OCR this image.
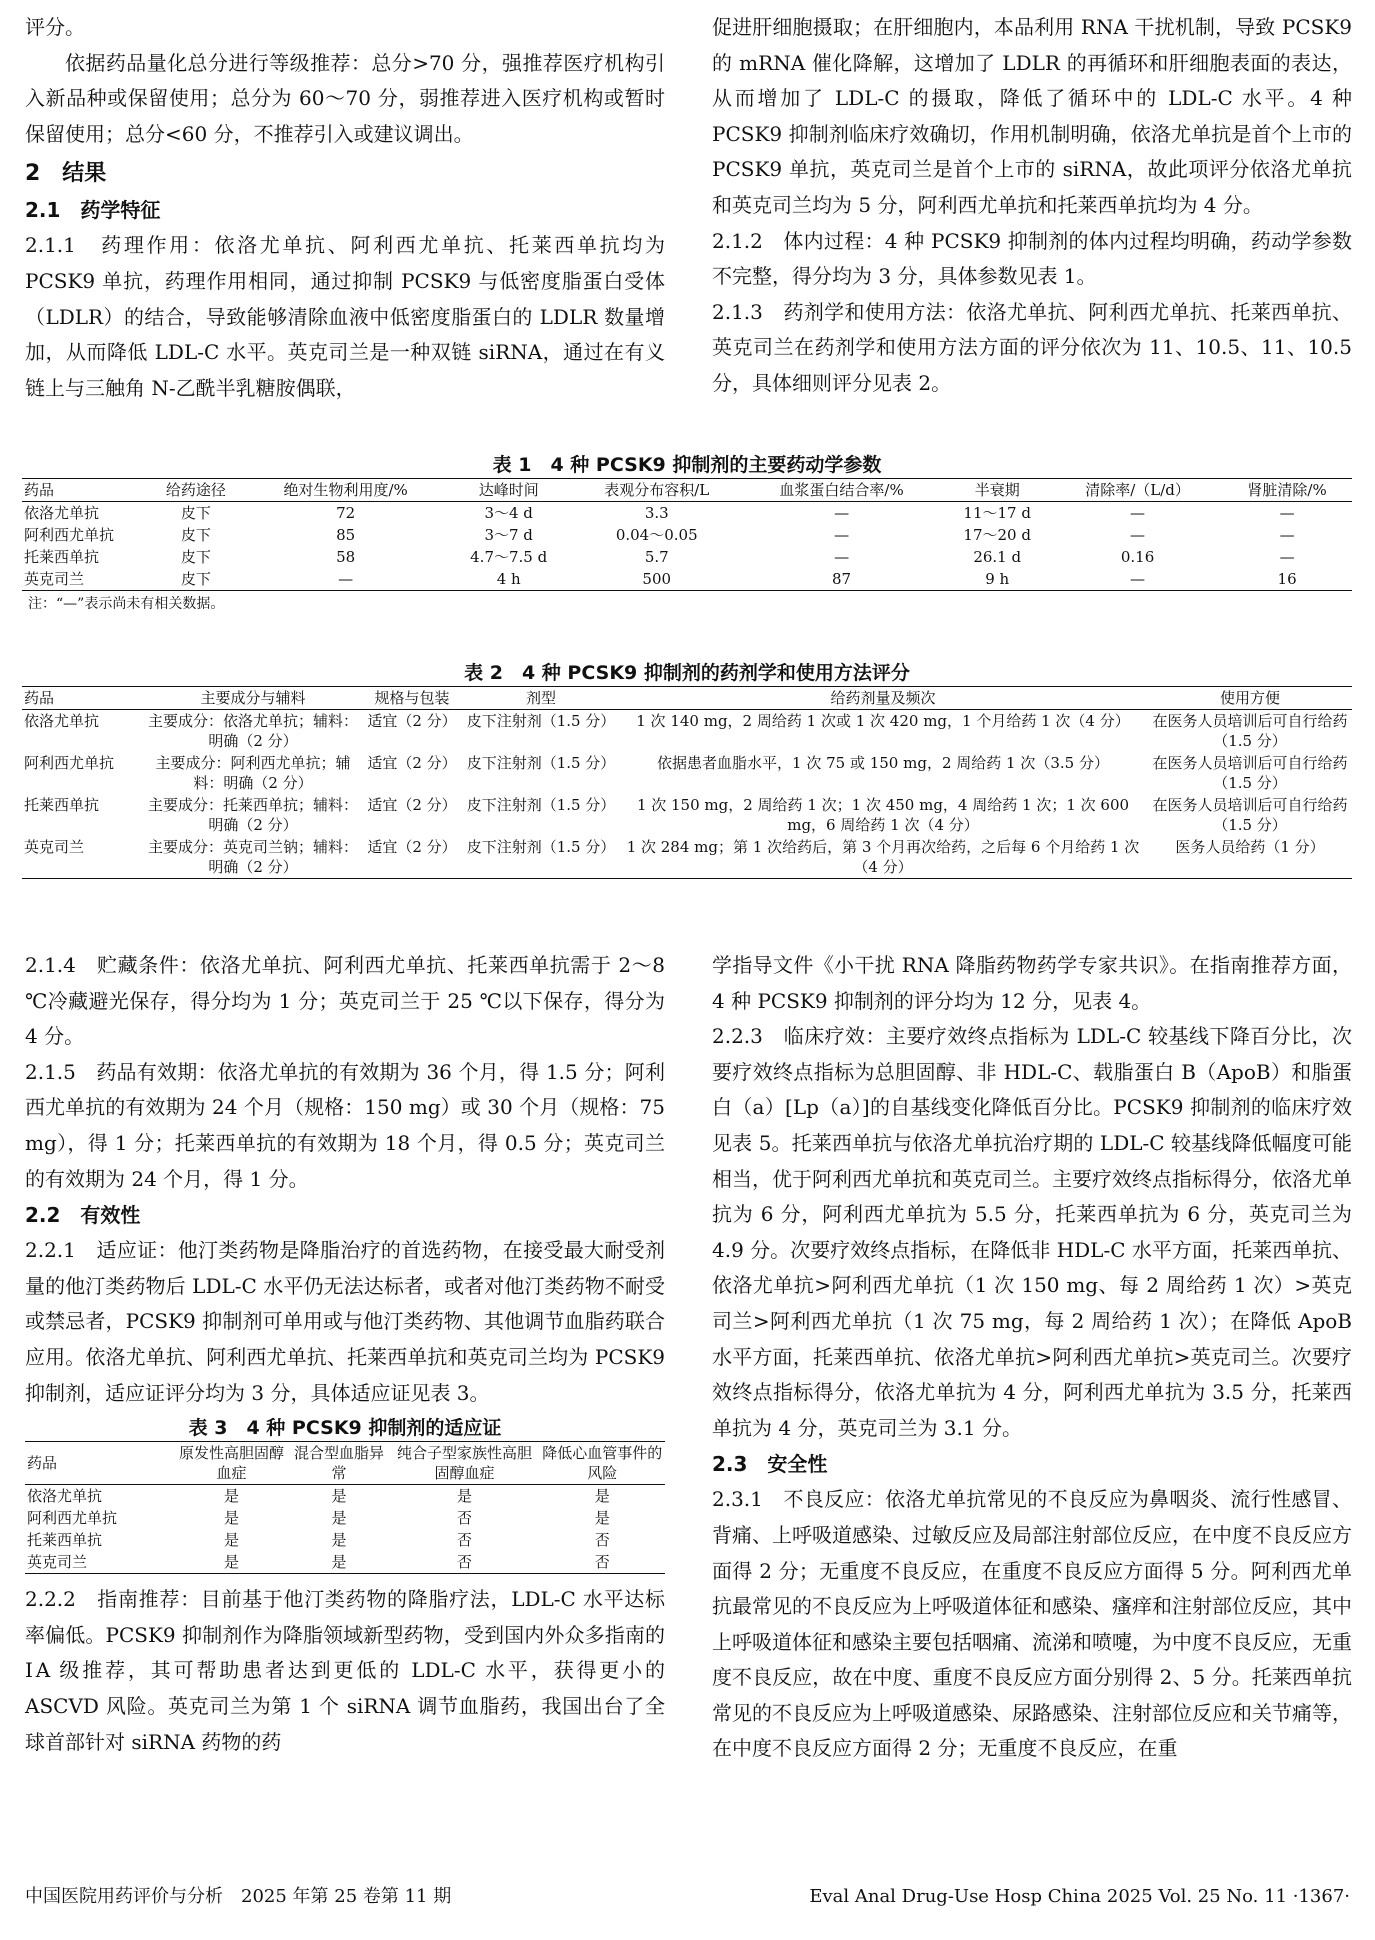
评分。

依据药品量化总分进行等级推荐：总分>70 分，强推荐医疗机构引入新品种或保留使用；总分为 60～70 分，弱推荐进入医疗机构或暂时保留使用；总分<60 分，不推荐引入或建议调出。

2　结果
2.1　药学特征

2.1.1　药理作用：依洛尤单抗、阿利西尤单抗、托莱西单抗均为 PCSK9 单抗，药理作用相同，通过抑制 PCSK9 与低密度脂蛋白受体（LDLR）的结合，导致能够清除血液中低密度脂蛋白的 LDLR 数量增加，从而降低 LDL-C 水平。英克司兰是一种双链 siRNA，通过在有义链上与三触角 N-乙酰半乳糖胺偶联，

促进肝细胞摄取；在肝细胞内，本品利用 RNA 干扰机制，导致 PCSK9 的 mRNA 催化降解，这增加了 LDLR 的再循环和肝细胞表面的表达，从而增加了 LDL-C 的摄取，降低了循环中的 LDL-C 水平。4 种 PCSK9 抑制剂临床疗效确切，作用机制明确，依洛尤单抗是首个上市的 PCSK9 单抗，英克司兰是首个上市的 siRNA，故此项评分依洛尤单抗和英克司兰均为 5 分，阿利西尤单抗和托莱西单抗均为 4 分。

2.1.2　体内过程：4 种 PCSK9 抑制剂的体内过程均明确，药动学参数不完整，得分均为 3 分，具体参数见表 1。

2.1.3　药剂学和使用方法：依洛尤单抗、阿利西尤单抗、托莱西单抗、英克司兰在药剂学和使用方法方面的评分依次为 11、10.5、11、10.5 分，具体细则评分见表 2。

表 1　4 种 PCSK9 抑制剂的主要药动学参数
药品	给药途径	绝对生物利用度/%	达峰时间	表观分布容积/L	血浆蛋白结合率/%	半衰期	清除率/（L/d）	肾脏清除/%
依洛尤单抗	皮下	72	3～4 d	3.3	—	11～17 d	—	—
阿利西尤单抗	皮下	85	3～7 d	0.04～0.05	—	17～20 d	—	—
托莱西单抗	皮下	58	4.7～7.5 d	5.7	—	26.1 d	0.16	—
英克司兰	皮下	—	4 h	500	87	9 h	—	16
注：“—”表示尚未有相关数据。
表 2　4 种 PCSK9 抑制剂的药剂学和使用方法评分
药品	主要成分与辅料	规格与包装	剂型	给药剂量及频次	使用方便
依洛尤单抗	主要成分：依洛尤单抗；辅料：明确（2 分）	适宜（2 分）	皮下注射剂（1.5 分）	1 次 140 mg，2 周给药 1 次或 1 次 420 mg，1 个月给药 1 次（4 分）	在医务人员培训后可自行给药（1.5 分）
阿利西尤单抗	主要成分：阿利西尤单抗；辅料：明确（2 分）	适宜（2 分）	皮下注射剂（1.5 分）	依据患者血脂水平，1 次 75 或 150 mg，2 周给药 1 次（3.5 分）	在医务人员培训后可自行给药（1.5 分）
托莱西单抗	主要成分：托莱西单抗；辅料：明确（2 分）	适宜（2 分）	皮下注射剂（1.5 分）	1 次 150 mg，2 周给药 1 次；1 次 450 mg，4 周给药 1 次；1 次 600 mg，6 周给药 1 次（4 分）	在医务人员培训后可自行给药（1.5 分）
英克司兰	主要成分：英克司兰钠；辅料：明确（2 分）	适宜（2 分）	皮下注射剂（1.5 分）	1 次 284 mg；第 1 次给药后，第 3 个月再次给药，之后每 6 个月给药 1 次（4 分）	医务人员给药（1 分）

2.1.4　贮藏条件：依洛尤单抗、阿利西尤单抗、托莱西单抗需于 2～8 ℃冷藏避光保存，得分均为 1 分；英克司兰于 25 ℃以下保存，得分为 4 分。

2.1.5　药品有效期：依洛尤单抗的有效期为 36 个月，得 1.5 分；阿利西尤单抗的有效期为 24 个月（规格：150 mg）或 30 个月（规格：75 mg），得 1 分；托莱西单抗的有效期为 18 个月，得 0.5 分；英克司兰的有效期为 24 个月，得 1 分。

2.2　有效性

2.2.1　适应证：他汀类药物是降脂治疗的首选药物，在接受最大耐受剂量的他汀类药物后 LDL-C 水平仍无法达标者，或者对他汀类药物不耐受或禁忌者，PCSK9 抑制剂可单用或与他汀类药物、其他调节血脂药联合应用。依洛尤单抗、阿利西尤单抗、托莱西单抗和英克司兰均为 PCSK9 抑制剂，适应证评分均为 3 分，具体适应证见表 3。

表 3　4 种 PCSK9 抑制剂的适应证
药品	原发性高胆固醇血症	混合型血脂异常	纯合子型家族性高胆固醇血症	降低心血管事件的风险
依洛尤单抗	是	是	是	是
阿利西尤单抗	是	是	否	是
托莱西单抗	是	是	否	否
英克司兰	是	是	否	否

2.2.2　指南推荐：目前基于他汀类药物的降脂疗法，LDL-C 水平达标率偏低。PCSK9 抑制剂作为降脂领域新型药物，受到国内外众多指南的ⅠA 级推荐，其可帮助患者达到更低的 LDL-C 水平，获得更小的 ASCVD 风险。英克司兰为第 1 个 siRNA 调节血脂药，我国出台了全球首部针对 siRNA 药物的药

学指导文件《小干扰 RNA 降脂药物药学专家共识》。在指南推荐方面，4 种 PCSK9 抑制剂的评分均为 12 分，见表 4。

2.2.3　临床疗效：主要疗效终点指标为 LDL-C 较基线下降百分比，次要疗效终点指标为总胆固醇、非 HDL-C、载脂蛋白 B（ApoB）和脂蛋白（a）[Lp（a）]的自基线变化降低百分比。PCSK9 抑制剂的临床疗效见表 5。托莱西单抗与依洛尤单抗治疗期的 LDL-C 较基线降低幅度可能相当，优于阿利西尤单抗和英克司兰。主要疗效终点指标得分，依洛尤单抗为 6 分，阿利西尤单抗为 5.5 分，托莱西单抗为 6 分，英克司兰为 4.9 分。次要疗效终点指标，在降低非 HDL-C 水平方面，托莱西单抗、依洛尤单抗>阿利西尤单抗（1 次 150 mg、每 2 周给药 1 次）>英克司兰>阿利西尤单抗（1 次 75 mg，每 2 周给药 1 次）；在降低 ApoB 水平方面，托莱西单抗、依洛尤单抗>阿利西尤单抗>英克司兰。次要疗效终点指标得分，依洛尤单抗为 4 分，阿利西尤单抗为 3.5 分，托莱西单抗为 4 分，英克司兰为 3.1 分。

2.3　安全性

2.3.1　不良反应：依洛尤单抗常见的不良反应为鼻咽炎、流行性感冒、背痛、上呼吸道感染、过敏反应及局部注射部位反应，在中度不良反应方面得 2 分；无重度不良反应，在重度不良反应方面得 5 分。阿利西尤单抗最常见的不良反应为上呼吸道体征和感染、瘙痒和注射部位反应，其中上呼吸道体征和感染主要包括咽痛、流涕和喷嚏，为中度不良反应，无重度不良反应，故在中度、重度不良反应方面分别得 2、5 分。托莱西单抗常见的不良反应为上呼吸道感染、尿路感染、注射部位反应和关节痛等，在中度不良反应方面得 2 分；无重度不良反应，在重

中国医院用药评价与分析　2025 年第 25 卷第 11 期	Eval Anal Drug-Use Hosp China 2025 Vol. 25 No. 11 ·1367·
